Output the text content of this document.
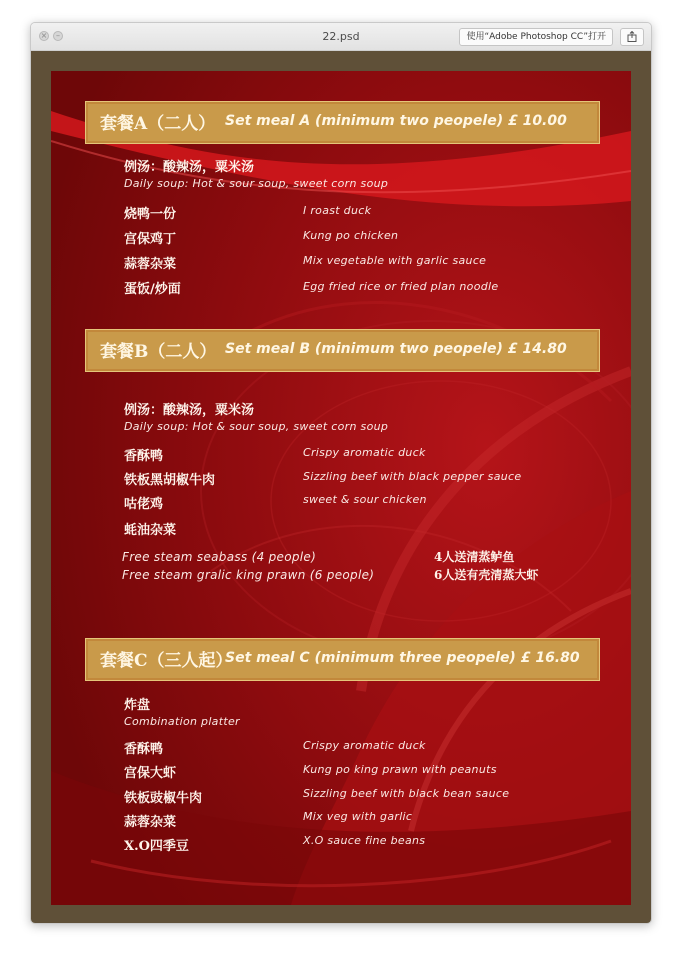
× –	22.psd	使用“Adobe Photoshop CC”打开
套餐A（二人） Set meal A (minimum two peopele) £ 10.00
例汤：酸辣汤，粟米汤
Daily soup: Hot & sour soup, sweet corn soup
烧鸭一份	I roast duck
宫保鸡丁	Kung po chicken
蒜蓉杂菜	Mix vegetable with garlic sauce
蛋饭/炒面	Egg fried rice or fried plan noodle
套餐B（二人） Set meal B (minimum two peopele) £ 14.80
例汤：酸辣汤，粟米汤
Daily soup: Hot & sour soup, sweet corn soup
香酥鸭	Crispy aromatic duck
铁板黑胡椒牛肉	Sizzling beef with black pepper sauce
咕佬鸡	sweet & sour chicken
蚝油杂菜
Free steam seabass (4 people)	4人送清蒸鲈鱼
Free steam gralic king prawn (6 people)	6人送有壳清蒸大虾
套餐C（三人起）
Set meal C (minimum three peopele) £ 16.80
炸盘
Combination platter
香酥鸭	Crispy aromatic duck
宫保大虾	Kung po king prawn with peanuts
铁板豉椒牛肉	Sizzling beef with black bean sauce
蒜蓉杂菜	Mix veg with garlic
X.O四季豆	X.O sauce fine beans
